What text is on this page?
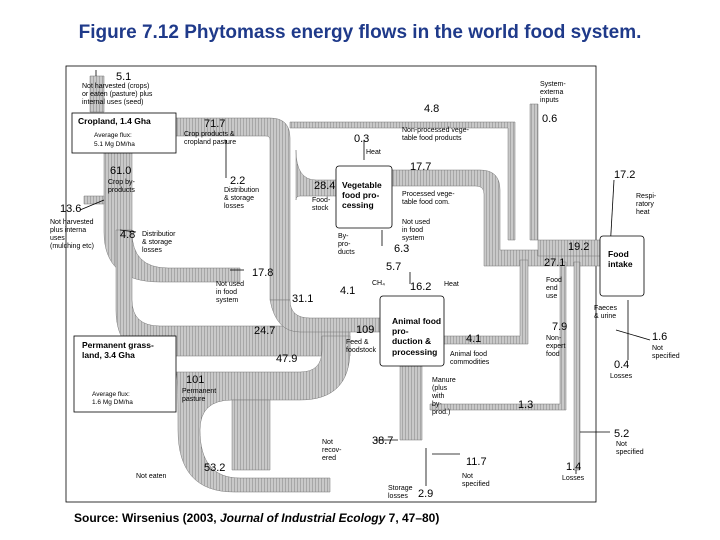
Figure 7.12 Phytomass energy flows in the world food system.
Cropland, 1.4 Gha
Average flux:
5.1 Mg DM/ha
Permanent grass-
land, 3.4 Gha
Average flux:
1.6 Mg DM/ha
Vegetable
food pro-
cessing
Animal food
pro-
duction &
processing
Food
intake
5.1
71.7
61.0
13.6
4.8
2.2
17.8
31.1
24.7
47.9
101
53.2
4.8
0.6
0.3
17.7
28.4
6.3
5.7
16.2
4.1
109
4.1
17.2
19.2
27.1
7.9
1.6
0.4
1.3
38.7
11.7
2.9
5.2
1.4
Not harvested (crops)
or eaten (pasture) plus
internal uses (seed)
Crop products &
cropland pasture
Crop by-
products
Not harvested
plus interna
uses
(mulching etc)
Distribution
& storage
losses
Distributior
& storage
losses
Not used
in food
system
Permanent
pasture
Not eaten
System-
externa
inputs
Non-processed vege-
table food products
Heat
Food-
stock
Processed vege-
table food com.
Not used
in food
system
By-
pro-
ducts
CH₄	Heat
Feed &
foodstock
Animal food
commodities
Food
end
use
Respi-
ratory
heat
Faeces
& urine
Non-
expert
food
Not
specified
Losses
Manure
(plus
with
by-
prod.)
Not
recov-
ered
Not
specified
Storage
losses
Not
specified
Losses
Source: Wirsenius (2003, Journal of Industrial Ecology 7, 47–80)
